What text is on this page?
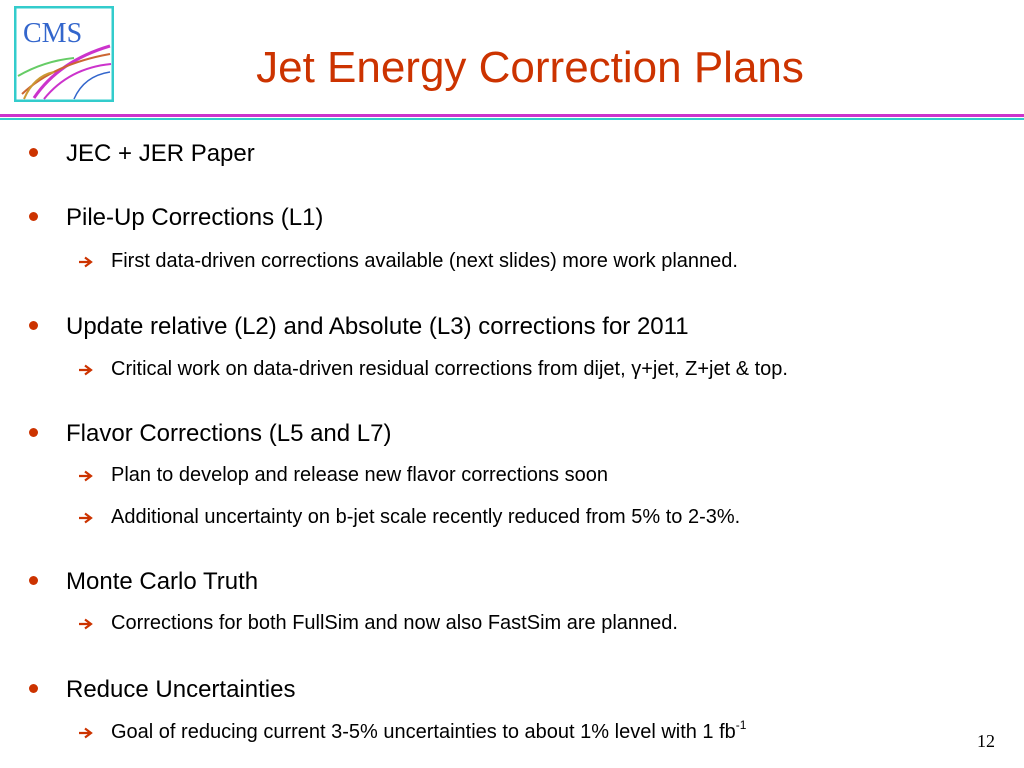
CMS
Jet Energy Correction Plans
JEC + JER Paper
Pile-Up Corrections (L1)
First data-driven corrections available (next slides) more work planned.
Update relative (L2) and Absolute (L3) corrections for 2011
Critical work on data-driven residual corrections from dijet, γ+jet, Z+jet & top.
Flavor Corrections (L5 and L7)
Plan to develop and release new flavor corrections soon
Additional uncertainty on b-jet scale recently reduced from 5% to 2-3%.
Monte Carlo Truth
Corrections for both FullSim and now also FastSim are planned.
Reduce Uncertainties
Goal of reducing current 3-5% uncertainties to about 1% level with 1 $fb^{-1}$
12
